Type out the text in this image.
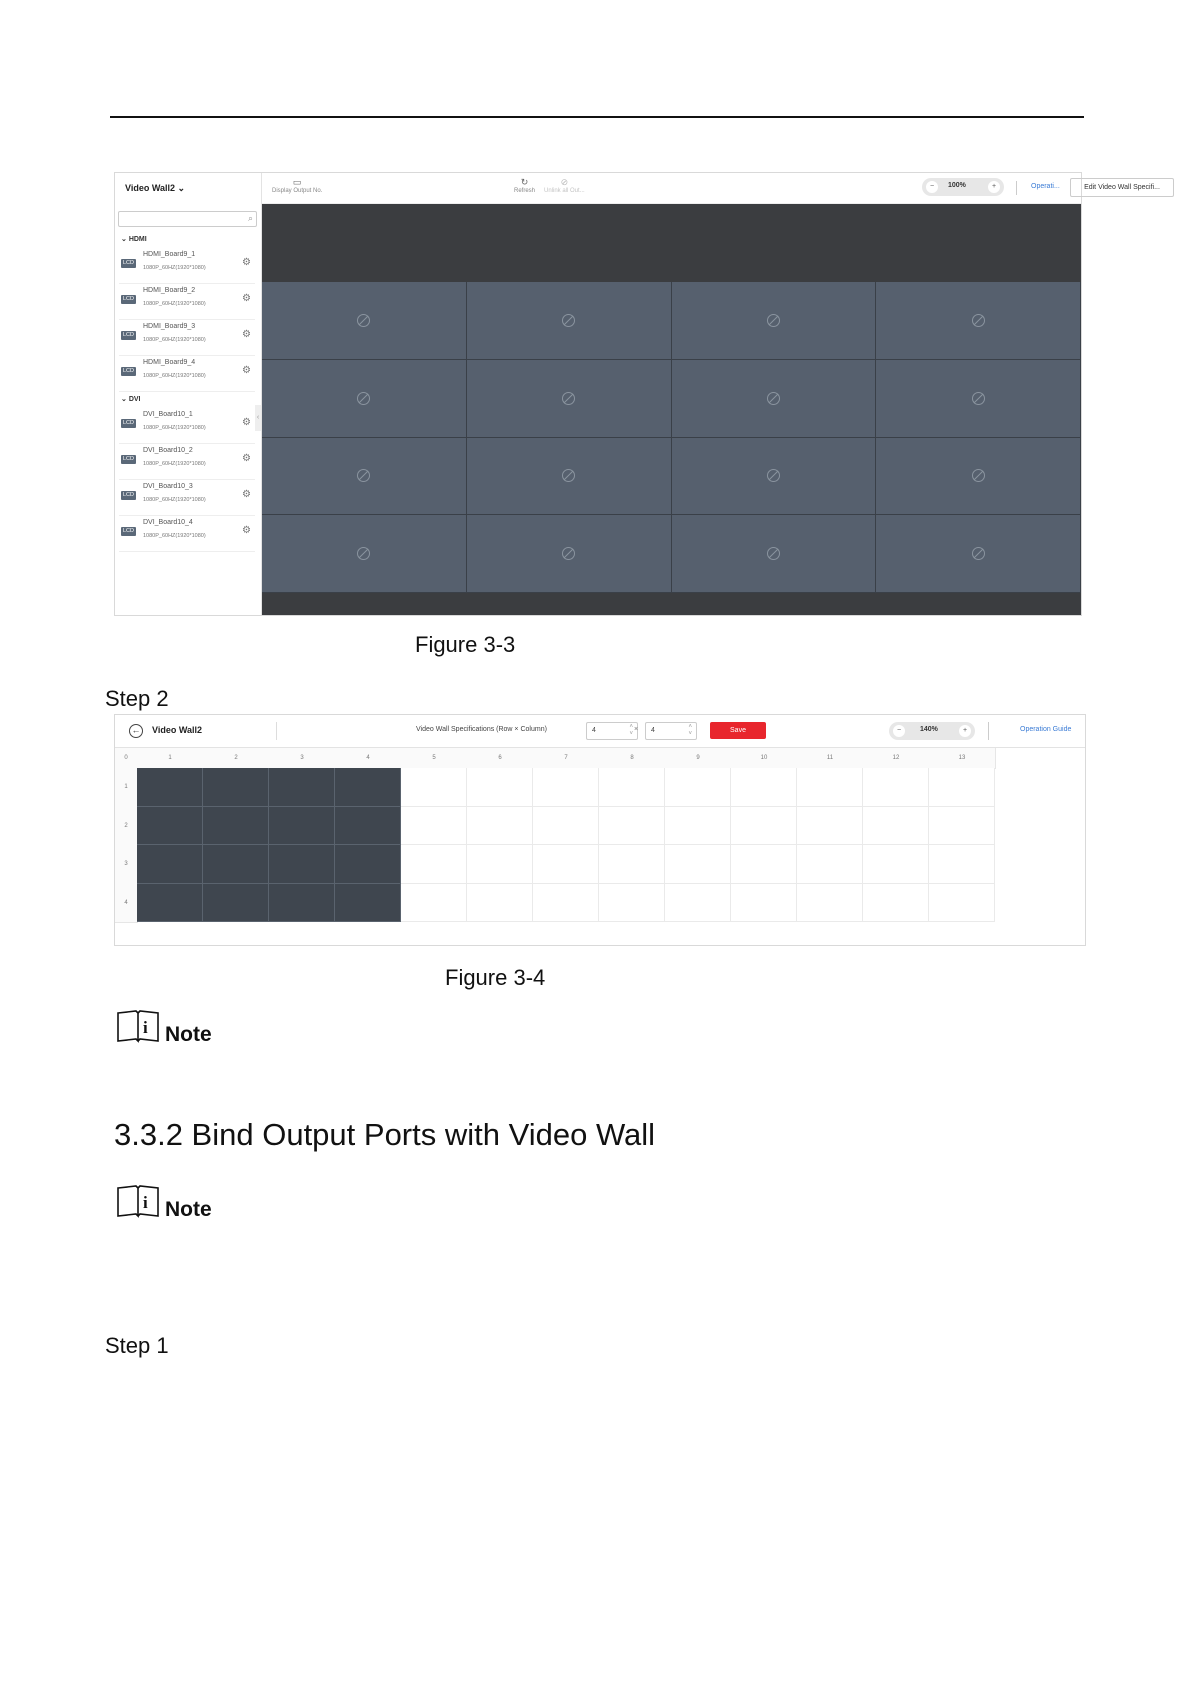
Video Wall2 ⌄
⌕
⌄ HDMI
LCD
HDMI_Board9_1
1080P_60HZ(1920*1080)	⚙
LCD
HDMI_Board9_2
1080P_60HZ(1920*1080)	⚙
LCD
HDMI_Board9_3
1080P_60HZ(1920*1080)	⚙
LCD
HDMI_Board9_4
1080P_60HZ(1920*1080)	⚙
⌄ DVI
LCD
DVI_Board10_1
1080P_60HZ(1920*1080)	⚙
LCD
DVI_Board10_2
1080P_60HZ(1920*1080)	⚙
LCD
DVI_Board10_3
1080P_60HZ(1920*1080)	⚙
LCD
DVI_Board10_4
1080P_60HZ(1920*1080)	⚙
‹
▭
Display Output No.
↻
Refresh
⊘
Unlink all Out...
−	100%	+	Operati...	Edit Video Wall Specifi...
Figure 3-3
Step 2
← Video Wall2	Video Wall Specifications (Row × Column)	4	˄
˅
× 4	˄
˅	Save	−	140%	+	Operation Guide
0	1	2	3	4	5	6	7	8	9	10	11	12	13
1
2
3
4
Figure 3-4
i Note
3.3.2 Bind Output Ports with Video Wall
i Note
Step 1
